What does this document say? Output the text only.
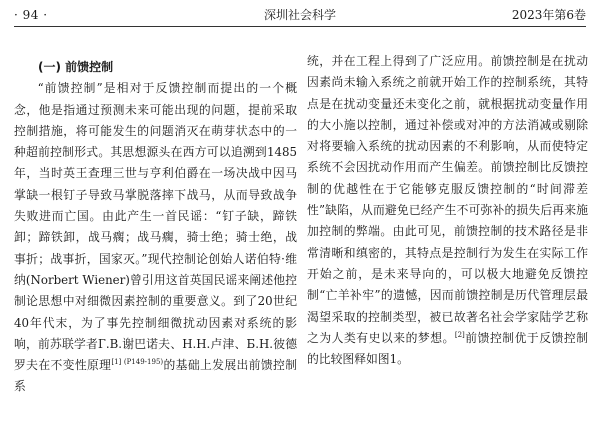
· 94 ·	深圳社会科学	2023年第6卷
(一) 前馈控制

“前馈控制”是相对于反馈控制而提出的一个概念，他是指通过预测未来可能出现的问题，提前采取控制措施，将可能发生的问题消灭在萌芽状态中的一种超前控制形式。其思想源头在西方可以追溯到1485年，当时英王查理三世与亨利伯爵在一场决战中因马掌缺一根钉子导致马掌脱落摔下战马，从而导致战争失败进而亡国。由此产生一首民谣：“钉子缺，蹄铁卸；蹄铁卸，战马瘸；战马瘸，骑士绝；骑士绝，战事折；战事折，国家灭。”现代控制论创始人诺伯特·维纳(Norbert Wiener)曾引用这首英国民谣来阐述他控制论思想中对细微因素控制的重要意义。到了20世纪40年代末，为了事先控制细微扰动因素对系统的影响，前苏联学者Г.В.谢巴诺夫、Н.Н.卢津、Б.Н.彼德罗夫在不变性原理$^{[1] (P149-195)}$的基础上发展出前馈控制系

统，并在工程上得到了广泛应用。前馈控制是在扰动因素尚未输入系统之前就开始工作的控制系统，其特点是在扰动变量还未变化之前，就根据扰动变量作用的大小施以控制，通过补偿或对冲的方法消减或剔除对将要输入系统的扰动因素的不利影响，从而使特定系统不会因扰动作用而产生偏差。前馈控制比反馈控制的优越性在于它能够克服反馈控制的“时间滞差性”缺陷，从而避免已经产生不可弥补的损失后再来施加控制的弊端。由此可见，前馈控制的技术路径是非常清晰和缜密的，其特点是控制行为发生在实际工作开始之前，是未来导向的，可以极大地避免反馈控制“亡羊补牢”的遗憾，因而前馈控制是历代管理层最渴望采取的控制类型，被已故著名社会学家陆学艺称之为人类有史以来的梦想。[2]前馈控制优于反馈控制的比较图释如图1。
